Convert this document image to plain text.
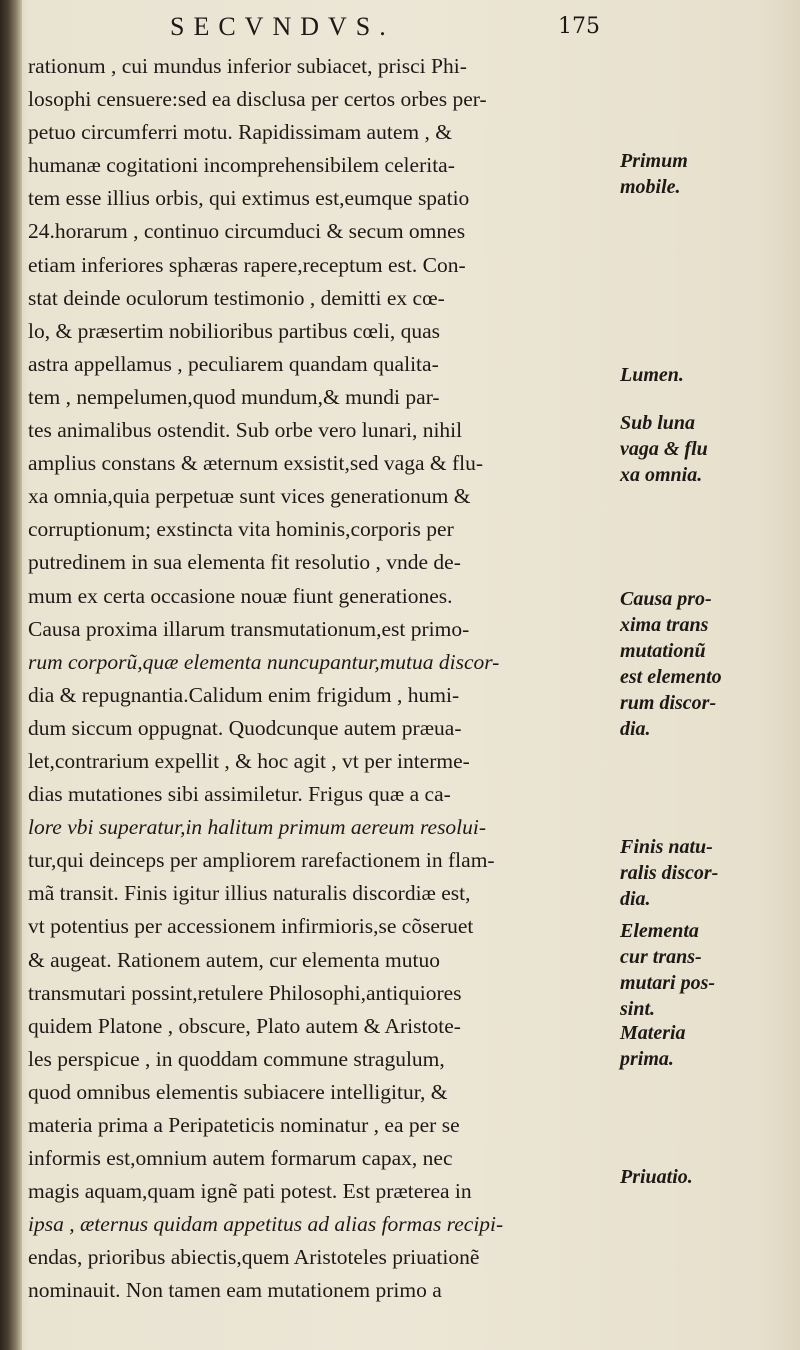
SECVNDVS.	175
rationum , cui mundus inferior subiacet, prisci Phi-
losophi censuere:sed ea disclusa per certos orbes per-
petuo circumferri motu. Rapidissimam autem , &
humanæ cogitationi incomprehensibilem celerita-
tem esse illius orbis, qui extimus est,eumque spatio
24.horarum , continuo circumduci & secum omnes
etiam inferiores sphæras rapere,receptum est. Con-
stat deinde oculorum testimonio , demitti ex cœ-
lo, & præsertim nobilioribus partibus cœli, quas
astra appellamus , peculiarem quandam qualita-
tem , nempelumen,quod mundum,& mundi par-
tes animalibus ostendit. Sub orbe vero lunari, nihil
amplius constans & æternum exsistit,sed vaga & flu-
xa omnia,quia perpetuæ sunt vices generationum &
corruptionum; exstincta vita hominis,corporis per
putredinem in sua elementa fit resolutio , vnde de-
mum ex certa occasione nouæ fiunt generationes.
Causa proxima illarum transmutationum,est primo-
rum corporũ,quæ elementa nuncupantur,mutua discor-
dia & repugnantia.Calidum enim frigidum , humi-
dum siccum oppugnat. Quodcunque autem præua-
let,contrarium expellit , & hoc agit , vt per interme-
dias mutationes sibi assimiletur. Frigus quæ a ca-
lore vbi superatur,in halitum primum aereum resolui-
tur,qui deinceps per ampliorem rarefactionem in flam-
mã transit. Finis igitur illius naturalis discordiæ est,
vt potentius per accessionem infirmioris,se cõseruet
& augeat. Rationem autem, cur elementa mutuo
transmutari possint,retulere Philosophi,antiquiores
quidem Platone , obscure, Plato autem & Aristote-
les perspicue , in quoddam commune stragulum,
quod omnibus elementis subiacere intelligitur, &
materia prima a Peripateticis nominatur , ea per se
informis est,omnium autem formarum capax, nec
magis aquam,quam ignẽ pati potest. Est præterea in
ipsa , æternus quidam appetitus ad alias formas recipi-
endas, prioribus abiectis,quem Aristoteles priuationẽ
nominauit. Non tamen eam mutationem primo a
Primum
mobile.
Lumen.
Sub luna
vaga & flu
xa omnia.
Causa pro-
xima trans
mutationũ
est elemento
rum discor-
dia.
Finis natu-
ralis discor-
dia.
Elementa
cur trans-
mutari pos-
sint.
Materia
prima.
Priuatio.
